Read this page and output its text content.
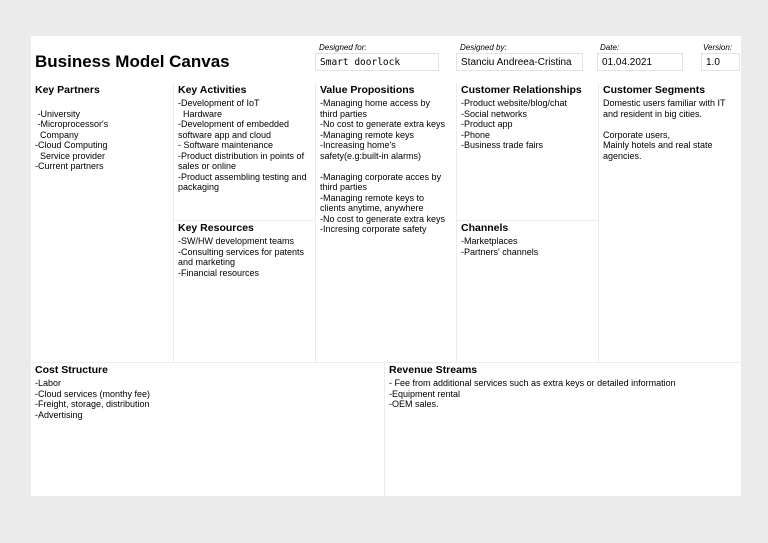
Business Model Canvas
Designed for:
Smart doorlock
Designed by:
Stanciu Andreea-Cristina
Date:
01.04.2021
Version:
1.0
Key Partners

-University
-Microprocessor's
Company
-Cloud Computing
Service provider
-Current partners
Key Activities
-Development of IoT
Hardware
-Development of embedded
software app and cloud
- Software maintenance
-Product distribution in points of
sales or online
-Product assembling testing and
packaging
Key Resources
-SW/HW development teams
-Consulting services for patents
and marketing
-Financial resources
Value Propositions
-Managing home access by
third parties
-No cost to generate extra keys
-Managing remote keys
-Increasing home's
safety(e.g:built-in alarms)

-Managing corporate acces by
third parties
-Managing remote keys to
clients anytime, anywhere
-No cost to generate extra keys
-Incresing corporate safety
Customer Relationships
-Product website/blog/chat
-Social networks
-Product app
-Phone
-Business trade fairs
Channels
-Marketplaces
-Partners' channels
Customer Segments
Domestic users familiar with IT
and resident in big cities.

Corporate users,
Mainly hotels and real state
agencies.
Cost Structure
-Labor
-Cloud services (monthy fee)
-Freight, storage, distribution
-Advertising
Revenue Streams
- Fee from additional services such as extra keys or detailed information
-Equipment rental
-OEM sales.
